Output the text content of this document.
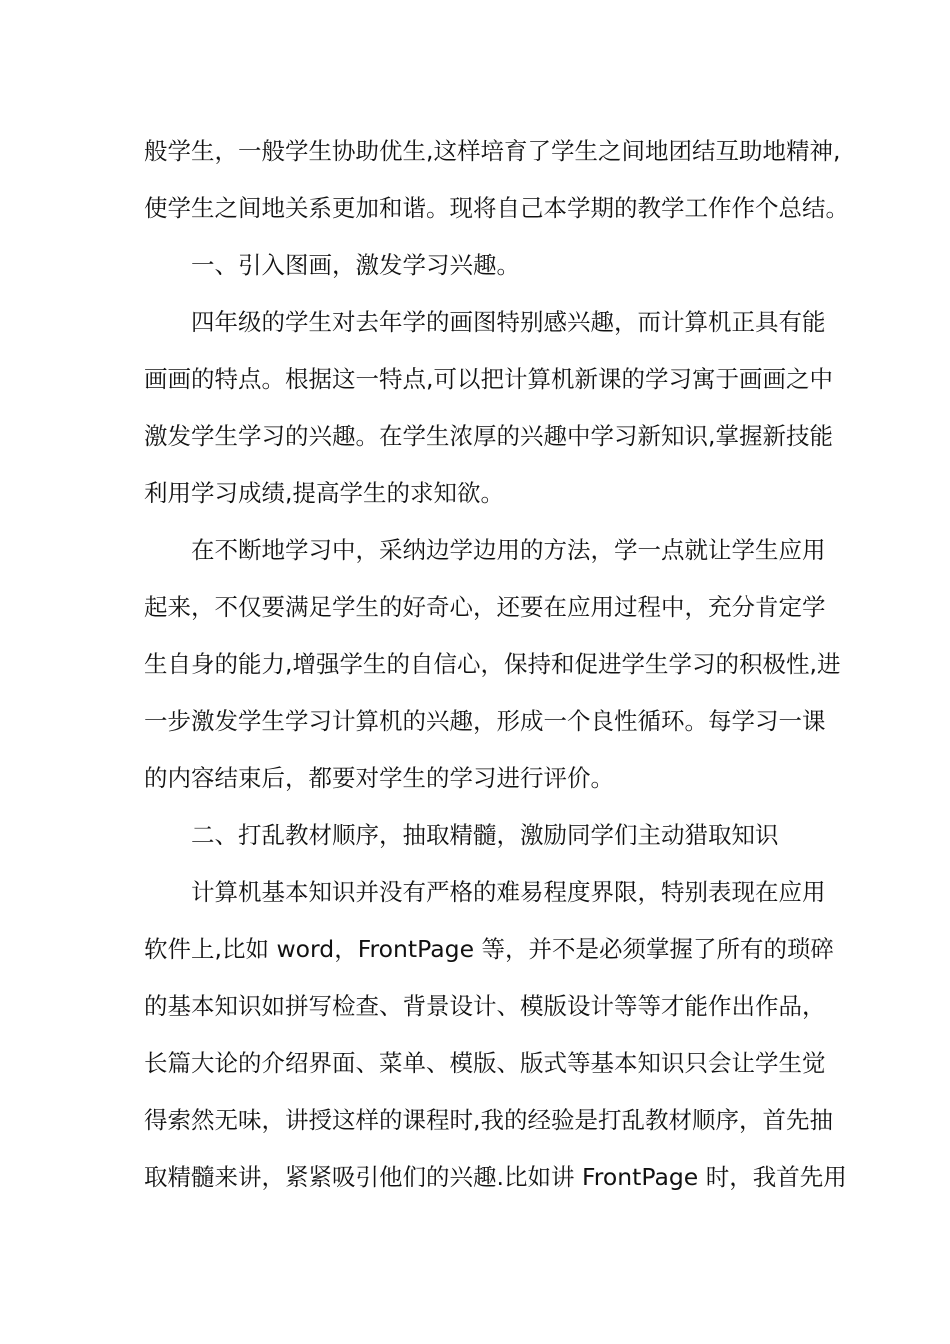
般学生，一般学生协助优生,这样培育了学生之间地团结互助地精神,
使学生之间地关系更加和谐。现将自己本学期的教学工作作个总结。
一、引入图画，激发学习兴趣。
四年级的学生对去年学的画图特别感兴趣，而计算机正具有能
画画的特点。根据这一特点,可以把计算机新课的学习寓于画画之中
激发学生学习的兴趣。在学生浓厚的兴趣中学习新知识,掌握新技能
利用学习成绩,提高学生的求知欲。
在不断地学习中，采纳边学边用的方法，学一点就让学生应用
起来，不仅要满足学生的好奇心，还要在应用过程中，充分肯定学
生自身的能力,增强学生的自信心，保持和促进学生学习的积极性,进
一步激发学生学习计算机的兴趣，形成一个良性循环。每学习一课
的内容结束后，都要对学生的学习进行评价。
二、打乱教材顺序，抽取精髓，激励同学们主动猎取知识
计算机基本知识并没有严格的难易程度界限，特别表现在应用
软件上,比如 word，FrontPage 等，并不是必须掌握了所有的琐碎
的基本知识如拼写检查、背景设计、模版设计等等才能作出作品，
长篇大论的介绍界面、菜单、模版、版式等基本知识只会让学生觉
得索然无味，讲授这样的课程时,我的经验是打乱教材顺序，首先抽
取精髓来讲，紧紧吸引他们的兴趣.比如讲 FrontPage 时，我首先用
